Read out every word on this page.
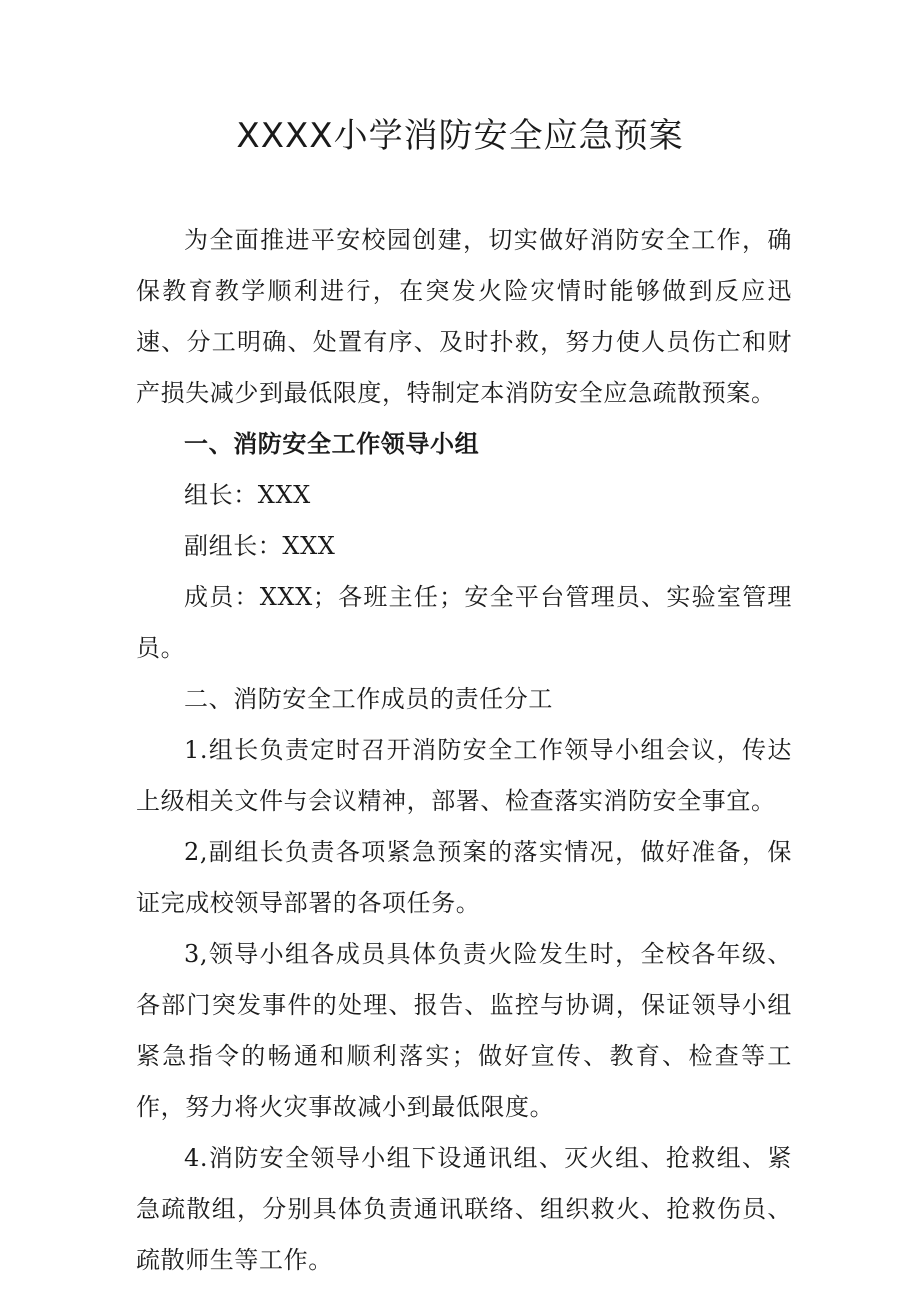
XXXX小学消防安全应急预案

为全面推进平安校园创建，切实做好消防安全工作，确保教育教学顺利进行，在突发火险灾情时能够做到反应迅速、分工明确、处置有序、及时扑救，努力使人员伤亡和财产损失减少到最低限度，特制定本消防安全应急疏散预案。

一、消防安全工作领导小组

组长：XXX

副组长：XXX

成员：XXX；各班主任；安全平台管理员、实验室管理员。

二、消防安全工作成员的责任分工

1.组长负责定时召开消防安全工作领导小组会议，传达上级相关文件与会议精神，部署、检查落实消防安全事宜。

2,副组长负责各项紧急预案的落实情况，做好准备，保证完成校领导部署的各项任务。

3,领导小组各成员具体负责火险发生时，全校各年级、各部门突发事件的处理、报告、监控与协调，保证领导小组紧急指令的畅通和顺利落实；做好宣传、教育、检查等工作，努力将火灾事故减小到最低限度。

4.消防安全领导小组下设通讯组、灭火组、抢救组、紧急疏散组，分别具体负责通讯联络、组织救火、抢救伤员、疏散师生等工作。
